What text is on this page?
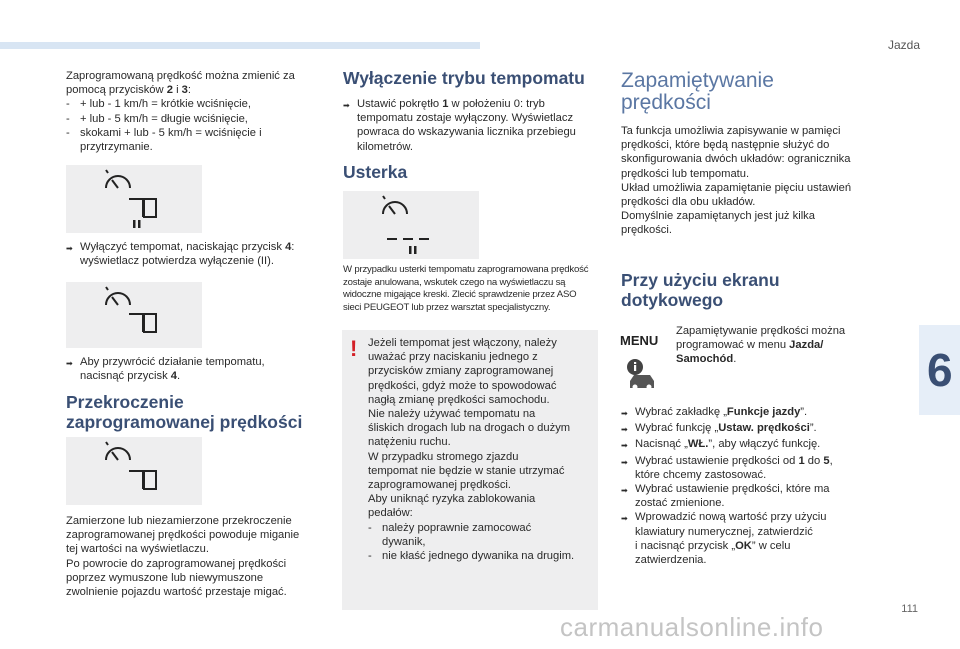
Jazda
6
111
carmanualsonline.info
Zaprogramowaną prędkość można zmienić za
pomocą przycisków 2 i 3:
- + lub - 1 km/h = krótkie wciśnięcie,
- + lub - 5 km/h = długie wciśnięcie,
- skokami + lub - 5 km/h = wciśnięcie i
przytrzymanie.
➡ Wyłączyć tempomat, naciskając przycisk 4:
wyświetlacz potwierdza wyłączenie (II).
➡ Aby przywrócić działanie tempomatu,
nacisnąć przycisk 4.
Przekroczenie
zaprogramowanej prędkości
Zamierzone lub niezamierzone przekroczenie
zaprogramowanej prędkości powoduje miganie
tej wartości na wyświetlaczu.
Po powrocie do zaprogramowanej prędkości
poprzez wymuszone lub niewymuszone
zwolnienie pojazdu wartość przestaje migać.
Wyłączenie trybu tempomatu
➡ Ustawić pokrętło 1 w położeniu 0: tryb
tempomatu zostaje wyłączony. Wyświetlacz
powraca do wskazywania licznika przebiegu
kilometrów.
Usterka
W przypadku usterki tempomatu zaprogramowana prędkość
zostaje anulowana, wskutek czego na wyświetlaczu są
widoczne migające kreski. Zlecić sprawdzenie przez ASO
sieci PEUGEOT lub przez warsztat specjalistyczny.
! Jeżeli tempomat jest włączony, należy
uważać przy naciskaniu jednego z
przycisków zmiany zaprogramowanej
prędkości, gdyż może to spowodować
nagłą zmianę prędkości samochodu.
Nie należy używać tempomatu na
śliskich drogach lub na drogach o dużym
natężeniu ruchu.
W przypadku stromego zjazdu
tempomat nie będzie w stanie utrzymać
zaprogramowanej prędkości.
Aby uniknąć ryzyka zablokowania
pedałów:
- należy poprawnie zamocować
dywanik,
- nie kłaść jednego dywanika na drugim.
Zapamiętywanie
prędkości
Ta funkcja umożliwia zapisywanie w pamięci
prędkości, które będą następnie służyć do
skonfigurowania dwóch układów: ogranicznika
prędkości lub tempomatu.
Układ umożliwia zapamiętanie pięciu ustawień
prędkości dla obu układów.
Domyślnie zapamiętanych jest już kilka
prędkości.
Przy użyciu ekranu
dotykowego
MENU
Zapamiętywanie prędkości można
programować w menu Jazda/
Samochód.
➡ Wybrać zakładkę „Funkcje jazdy”.
➡ Wybrać funkcję „Ustaw. prędkości”.
➡ Nacisnąć „WŁ.”, aby włączyć funkcję.
➡ Wybrać ustawienie prędkości od 1 do 5,
które chcemy zastosować.
➡ Wybrać ustawienie prędkości, które ma
zostać zmienione.
➡ Wprowadzić nową wartość przy użyciu
klawiatury numerycznej, zatwierdzić
i nacisnąć przycisk „OK” w celu
zatwierdzenia.
